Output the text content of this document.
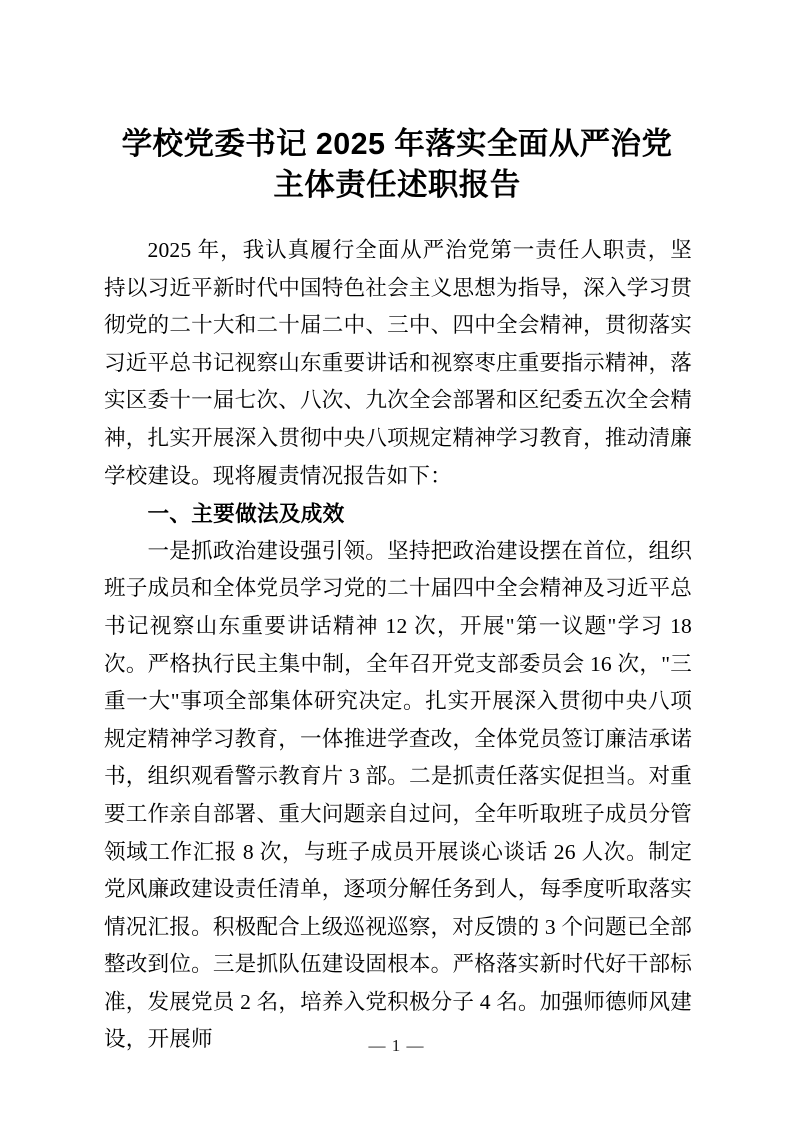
学校党委书记 2025 年落实全面从严治党
主体责任述职报告

2025 年，我认真履行全面从严治党第一责任人职责，坚持以习近平新时代中国特色社会主义思想为指导，深入学习贯彻党的二十大和二十届二中、三中、四中全会精神，贯彻落实习近平总书记视察山东重要讲话和视察枣庄重要指示精神，落实区委十一届七次、八次、九次全会部署和区纪委五次全会精神，扎实开展深入贯彻中央八项规定精神学习教育，推动清廉学校建设。现将履责情况报告如下：

一、主要做法及成效

一是抓政治建设强引领。坚持把政治建设摆在首位，组织班子成员和全体党员学习党的二十届四中全会精神及习近平总书记视察山东重要讲话精神 12 次，开展"第一议题"学习 18 次。严格执行民主集中制，全年召开党支部委员会 16 次，"三重一大"事项全部集体研究决定。扎实开展深入贯彻中央八项规定精神学习教育，一体推进学查改，全体党员签订廉洁承诺书，组织观看警示教育片 3 部。二是抓责任落实促担当。对重要工作亲自部署、重大问题亲自过问，全年听取班子成员分管领域工作汇报 8 次，与班子成员开展谈心谈话 26 人次。制定党风廉政建设责任清单，逐项分解任务到人，每季度听取落实情况汇报。积极配合上级巡视巡察，对反馈的 3 个问题已全部整改到位。三是抓队伍建设固根本。严格落实新时代好干部标准，发展党员 2 名，培养入党积极分子 4 名。加强师德师风建设，开展师	— 1 —
